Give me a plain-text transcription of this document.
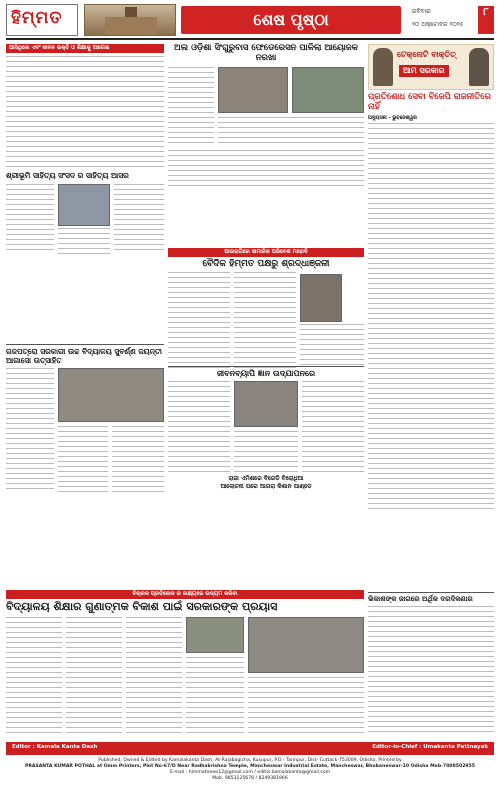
ହିମ୍ମତ	ଶେଷ ପୃଷ୍ଠା	ରବିବାର
୨୦ ଅକ୍ଟୋବର ୨୦୨୫
୮
ଆସିଥିଲେ ଏବଂ ଜୀବନ ଭକ୍ତି ଓ ଶିକ୍ଷାକୁ ଆଗେଇ
ଶ୍ରୀଭୂମି ସାହିତ୍ୟ ସଂସଦ ର ସାହିତ୍ୟ ଆସର
ଅଲ ଓଡ଼ିଶା ସିଂଗୁରୁବାସ ଫେଡେରେସନ ପାଳିଲା ଆୟୋଜକ ନରଖା	ଟେକ୍ନୋଟି ବାକ୍ତିତ୍
ଆମ ସରକାର
ପ୍ରତିଶୋଧ ସେବା ବିଜେପି ରାଜନୀତିରେ ନାହିଁ
ଅନ୍ୟୁସନା - ଭୁବନେଶ୍ୱର
ଆଉରାଗିରେ ସାମାଜିକ ପରିବେଶ ମହୋଦି
ବୈଦିକ ହିମ୍ମତ ପକ୍ଷରୁ ଶ୍ରଦ୍ଧାଞ୍ଜଳୀ
ଗଜପତ୍ରୋ ସରକାରୀ ଉଚ୍ଚ ବିଦ୍ୟାଳୟ ସୁବର୍ଣ୍ଣ ଜୟନ୍ତୀ ଆଗାସୋ ଉତ୍ସାହିତ
ଜୀବନବ୍ୟାପି ଜ୍ଞାନ ଉଦ୍ଯାପନରେ
ରାଜା ଏମିଶରେ ବିଜେଡି ବିରୋଧିଆ
ଆଲୋଚନା ପରେ ଆଗରା କିଶାନ ପାଣ୍ଡେ
ବିଚାରକ ପ୍ରତିଲୋକ ର ଲକ୍ଷ୍ୟରେ ଉଦ୍ୟମ କରିବା
ବିଦ୍ୟାଳୟ ଶିକ୍ଷାର ଗୁଣାତ୍ମକ ବିକାଶ ପାଇଁ ସରକାରଙ୍କ ପ୍ରୟାସ
ଭିକାଶଙ୍କ ଜାଗରେ ଅର୍ଥିକ ଦରଦିକଣାର
Editor : Kamala Kanta Dash	Editor-in-Chief : Umakanta Pattnayak
Published, Owned & Edited by Kamalakanta Dash, At-Rajabagicha, Kusupur, P.O.- Tarinpur, Dist- Cuttack-753009, Odisha, Printed by
PRASANTA KUMAR POTHAL at Omm Printers, Plot No-67/D Near Radhakrishna Temple, Mancheswar Industrial Estate, Mancheswar, Bhubaneswar-10 Odisha Mob-7008502955
E-mail : himmatnews12@gmail.com / editor.kamalakanta@gmail.com
Mob. 9853125678 / 8249381966
